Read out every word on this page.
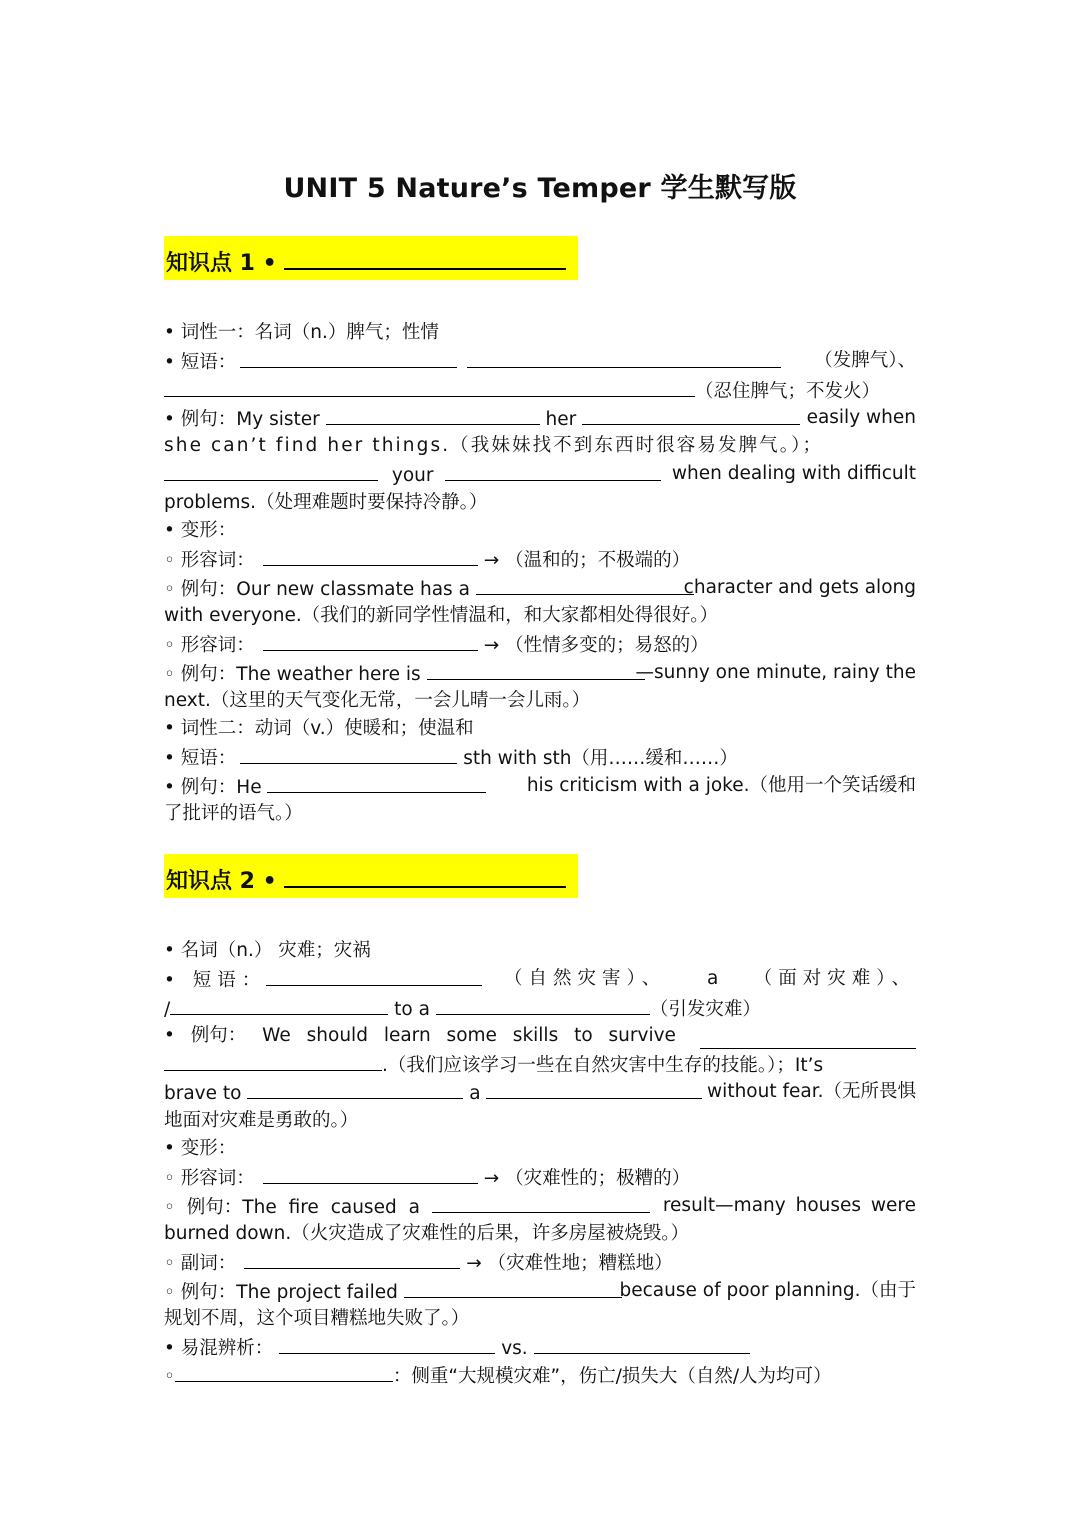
UNIT 5 Nature’s Temper 学生默写版
知识点 1 •
• 词性一：名词（n.）脾气；性情
• 短语：	（发脾气）、
（忍住脾气；不发火）
• 例句：My sister	her	easily when
she can’t find her things.（我妹妹找不到东西时很容易发脾气。）；
your	when dealing with difficult
problems.（处理难题时要保持冷静。）
• 变形：
◦ 形容词：	→ （温和的；不极端的）
◦ 例句：Our new classmate has a	character and gets along
with everyone.（我们的新同学性情温和，和大家都相处得很好。）
◦ 形容词：	→ （性情多变的；易怒的）
◦ 例句：The weather here is	—sunny one minute, rainy the
next.（这里的天气变化无常，一会儿晴一会儿雨。）
• 词性二：动词（v.）使暖和；使温和
• 短语：	sth with sth（用……缓和……）
• 例句：He	his criticism with a joke.（他用一个笑话缓和
了批评的语气。）
知识点 2 •
• 名词（n.） 灾难；灾祸
• 短语：	（自然灾害）、 a （面对灾难）、
/	to a	（引发灾难）
• 例句： We should learn some skills to survive
.（我们应该学习一些在自然灾害中生存的技能。）；It’s
brave to	a	without fear.（无所畏惧
地面对灾难是勇敢的。）
• 变形：
◦ 形容词：	→ （灾难性的；极糟的）
◦ 例句：The fire caused a	result—many houses were
burned down.（火灾造成了灾难性的后果，许多房屋被烧毁。）
◦ 副词：	→ （灾难性地；糟糕地）
◦ 例句：The project failed	because of poor planning.（由于
规划不周，这个项目糟糕地失败了。）
• 易混辨析：	vs.
◦	：侧重“大规模灾难”，伤亡/损失大（自然/人为均可）
